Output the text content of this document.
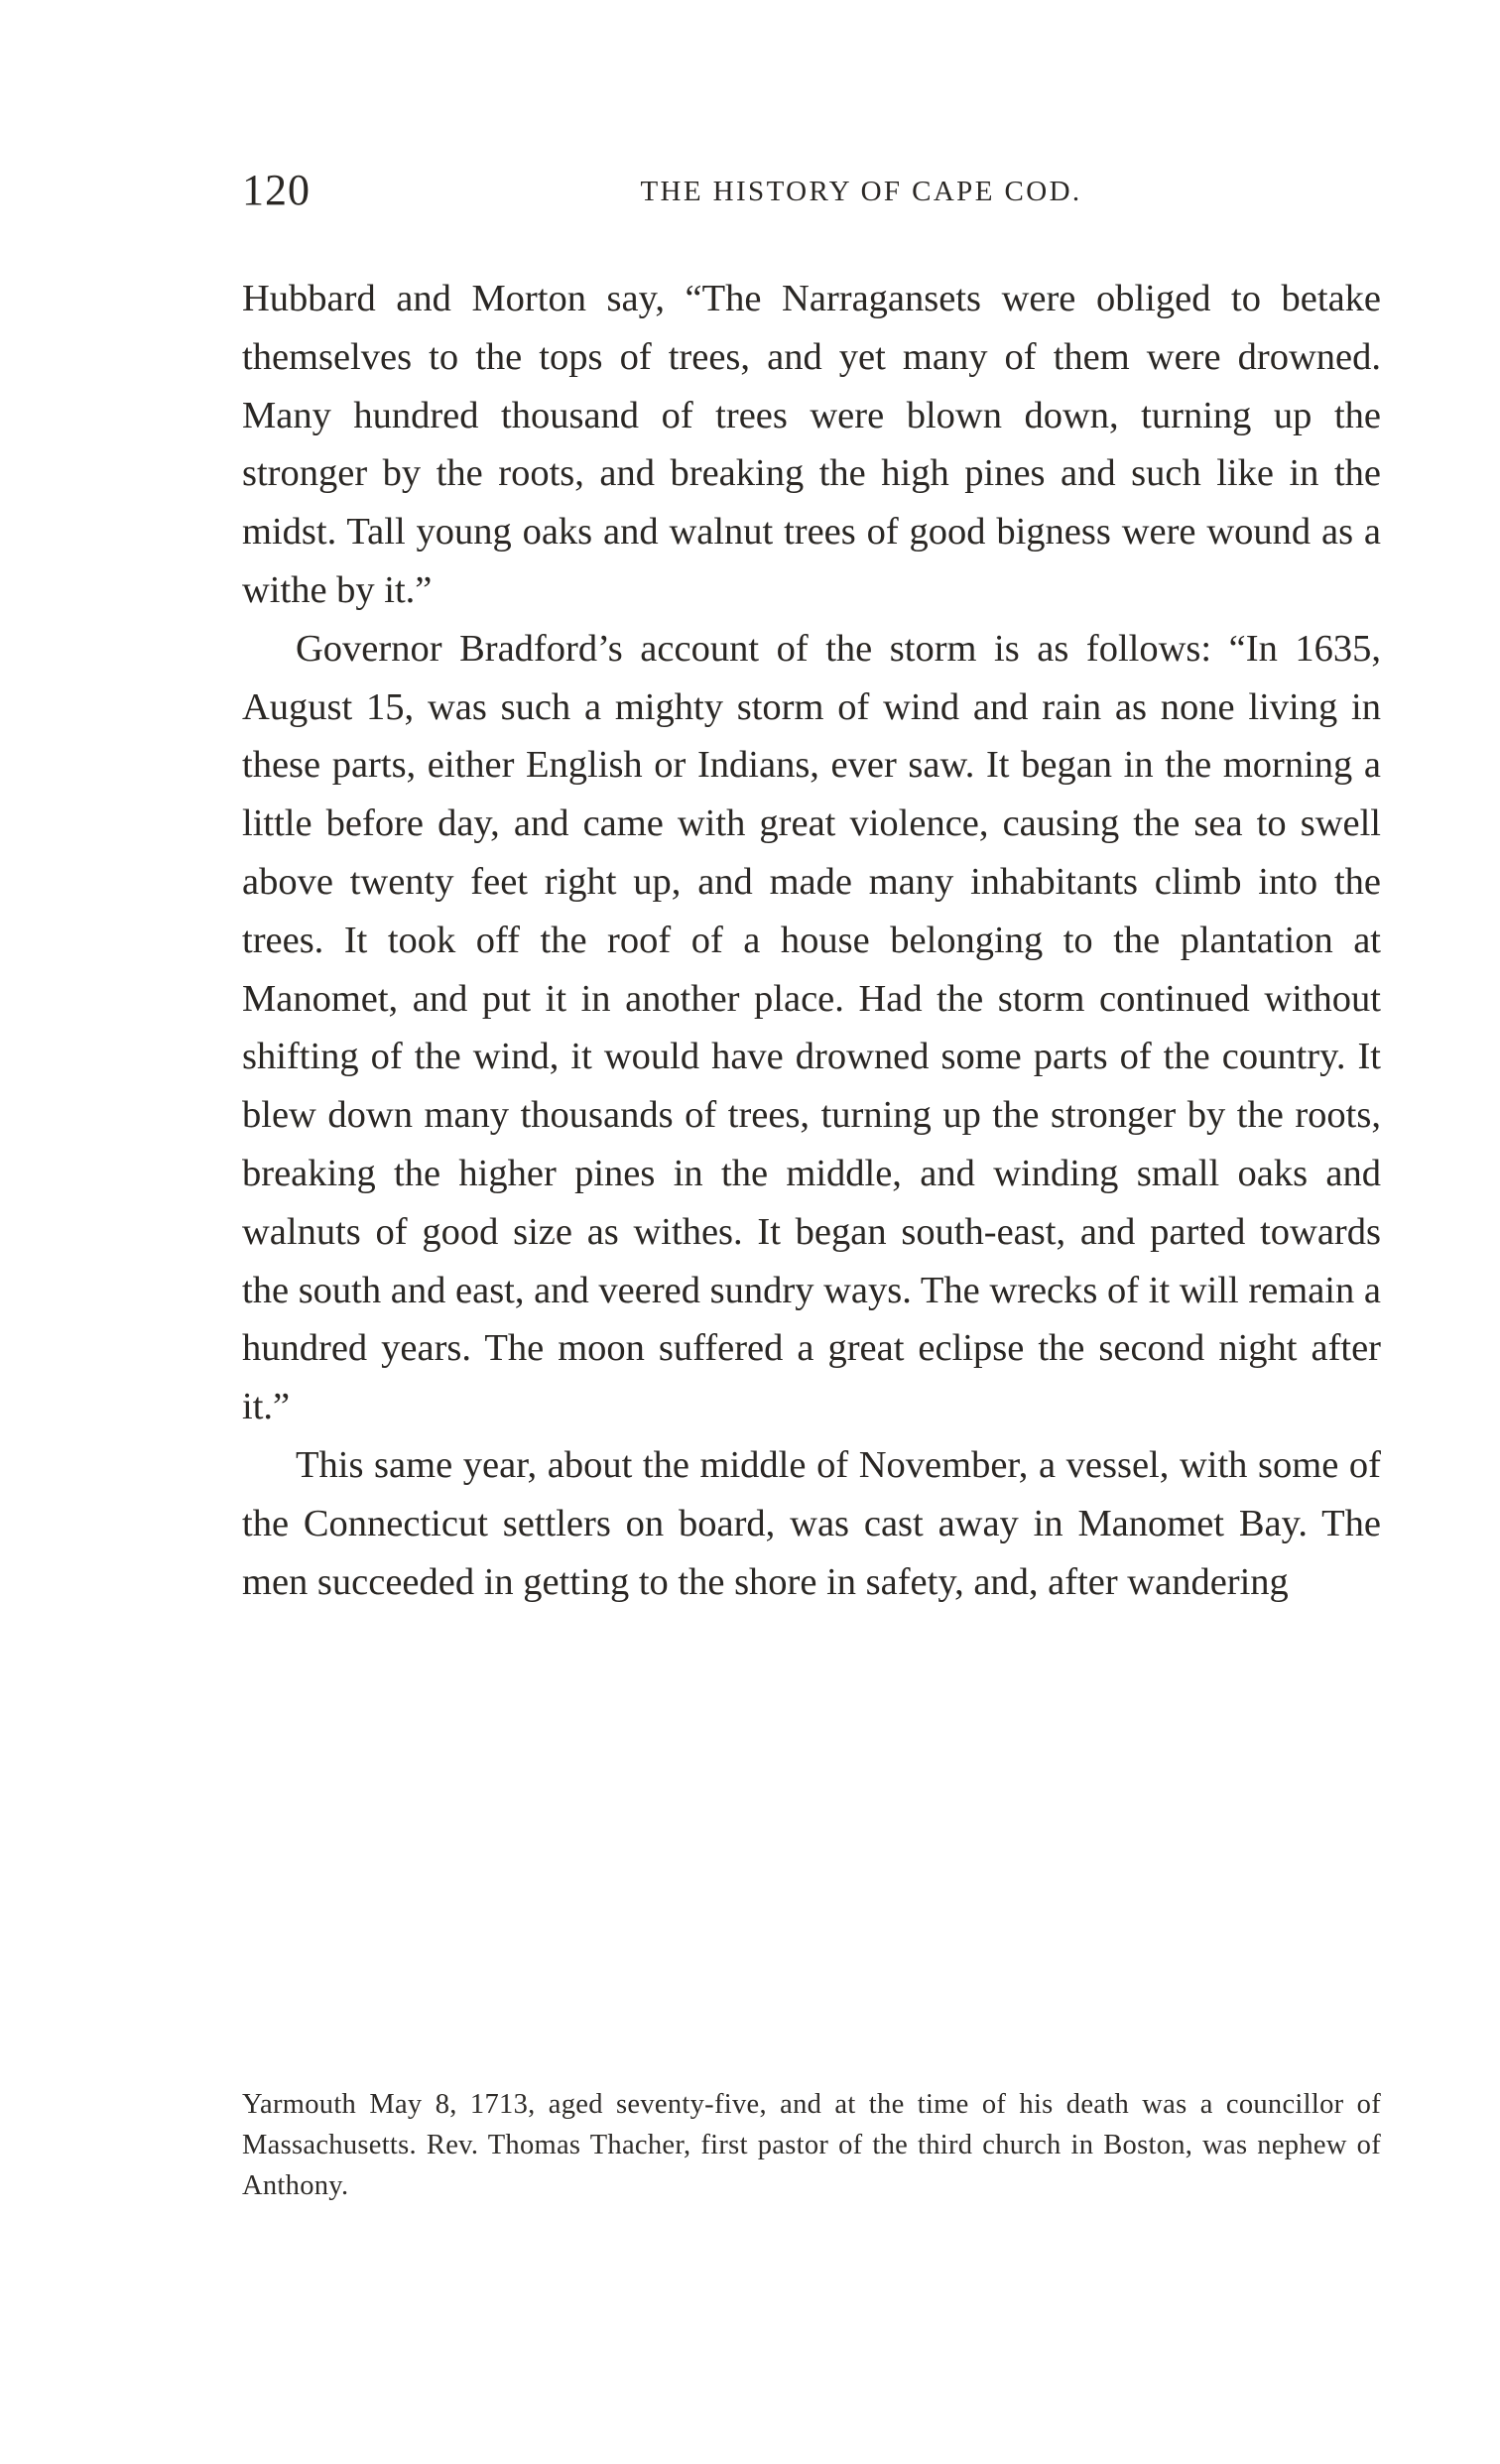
120	THE HISTORY OF CAPE COD.

Hubbard and Morton say, “The Narragansets were obliged to betake themselves to the tops of trees, and yet many of them were drowned. Many hundred thousand of trees were blown down, turning up the stronger by the roots, and breaking the high pines and such like in the midst. Tall young oaks and walnut trees of good bigness were wound as a withe by it.”

Governor Bradford’s account of the storm is as follows: “In 1635, August 15, was such a mighty storm of wind and rain as none living in these parts, either English or Indians, ever saw. It began in the morning a little before day, and came with great violence, causing the sea to swell above twenty feet right up, and made many inhabitants climb into the trees. It took off the roof of a house belonging to the plantation at Manomet, and put it in another place. Had the storm continued without shifting of the wind, it would have drowned some parts of the country. It blew down many thousands of trees, turning up the stronger by the roots, breaking the higher pines in the middle, and winding small oaks and walnuts of good size as withes. It began south-east, and parted towards the south and east, and veered sundry ways. The wrecks of it will remain a hundred years. The moon suffered a great eclipse the second night after it.”

This same year, about the middle of November, a vessel, with some of the Connecticut settlers on board, was cast away in Manomet Bay. The men succeeded in getting to the shore in safety, and, after wandering

Yarmouth May 8, 1713, aged seventy-five, and at the time of his death was a councillor of Massachusetts. Rev. Thomas Thacher, first pastor of the third church in Boston, was nephew of Anthony.
